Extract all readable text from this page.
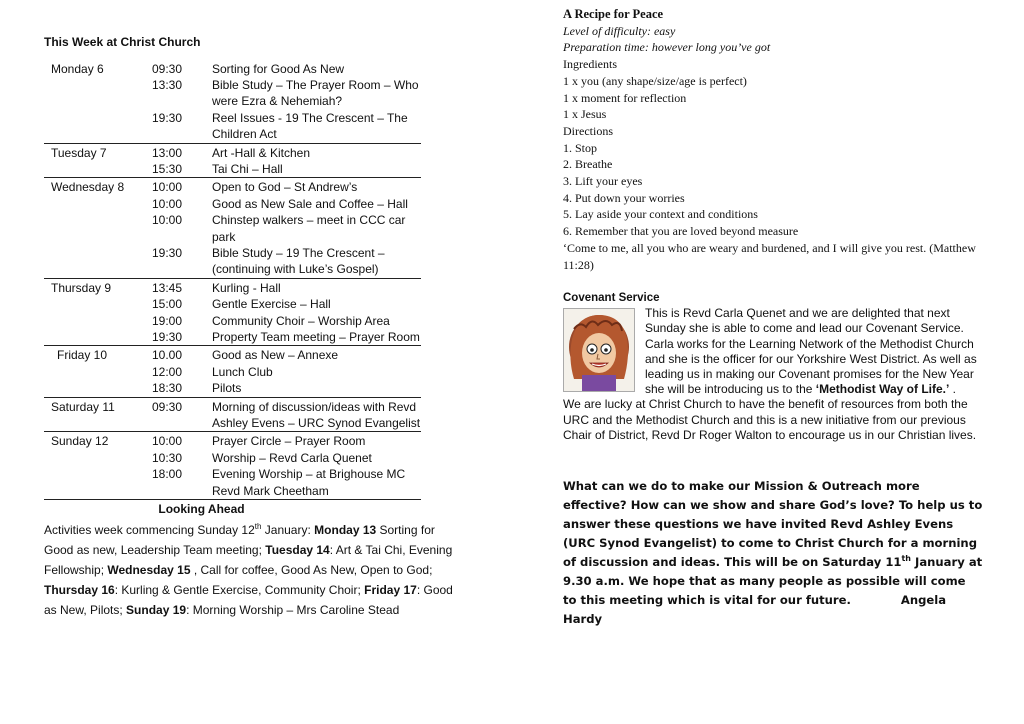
This Week at Christ Church
Monday 6	09:30	Sorting for Good As New
	13:30	Bible Study – The Prayer Room – Who were Ezra & Nehemiah?
	19:30	Reel Issues - 19 The Crescent – The Children Act
Tuesday 7	13:00	Art -Hall & Kitchen
	15:30	Tai Chi – Hall
Wednesday 8	10:00	Open to God – St Andrew’s
	10:00	Good as New Sale and Coffee – Hall
	10:00	Chinstep walkers – meet in CCC car park
	19:30	Bible Study – 19 The Crescent – (continuing with Luke’s Gospel)
Thursday 9	13:45	Kurling - Hall
	15:00	Gentle Exercise – Hall
	19:00	Community Choir – Worship Area
	19:30	Property Team meeting – Prayer Room
Friday 10	10.00	Good as New – Annexe
	12:00	Lunch Club
	18:30	Pilots
Saturday 11	09:30	Morning of discussion/ideas with Revd Ashley Evens – URC Synod Evangelist
Sunday 12	10:00	Prayer Circle – Prayer Room
	10:30	Worship – Revd Carla Quenet
	18:00	Evening Worship – at Brighouse MC Revd Mark Cheetham
Looking Ahead
Activities week commencing Sunday 12th January: Monday 13 Sorting for Good as new, Leadership Team meeting; Tuesday 14: Art & Tai Chi, Evening Fellowship; Wednesday 15 , Call for coffee, Good As New, Open to God; Thursday 16: Kurling & Gentle Exercise, Community Choir; Friday 17: Good as New, Pilots; Sunday 19: Morning Worship – Mrs Caroline Stead
A Recipe for Peace
Level of difficulty: easy
Preparation time: however long you’ve got
Ingredients
1 x you (any shape/size/age is perfect)
1 x moment for reflection
1 x Jesus
Directions
1. Stop
2. Breathe
3. Lift your eyes
4. Put down your worries
5. Lay aside your context and conditions
6. Remember that you are loved beyond measure
‘Come to me, all you who are weary and burdened, and I will give you rest. (Matthew 11:28)
Covenant Service
This is Revd Carla Quenet and we are delighted that next Sunday she is able to come and lead our Covenant Service. Carla works for the Learning Network of the Methodist Church and she is the officer for our Yorkshire West District. As well as leading us in making our Covenant promises for the New Year she will be introducing us to the ‘Methodist Way of Life.’ .
We are lucky at Christ Church to have the benefit of resources from both the URC and the Methodist Church and this is a new initiative from our previous Chair of District, Revd Dr Roger Walton to encourage us in our Christian lives.
What can we do to make our Mission & Outreach more effective? How can we show and share God’s love? To help us to answer these questions we have invited Revd Ashley Evens (URC Synod Evangelist) to come to Christ Church for a morning of discussion and ideas. This will be on Saturday 11th January at 9.30 a.m. We hope that as many people as possible will come to this meeting which is vital for our future.	Angela Hardy
